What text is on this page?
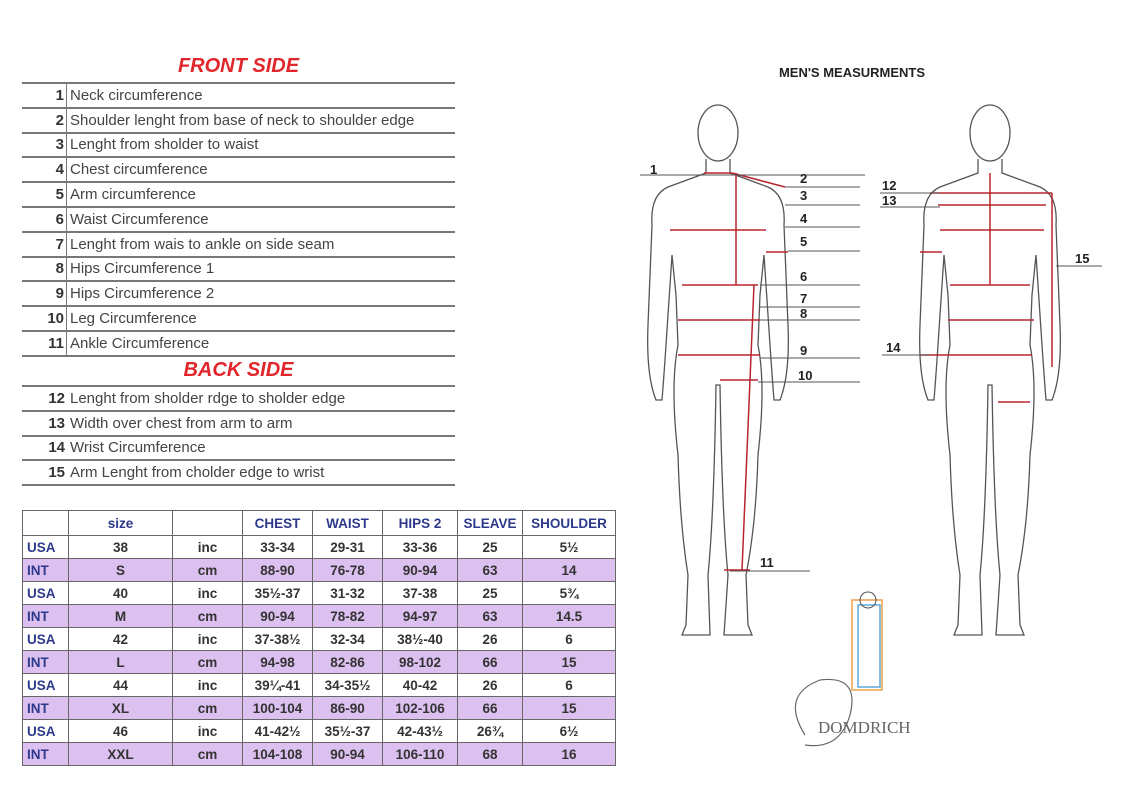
FRONT SIDE
1 Neck circumference
2 Shoulder lenght from base of neck to shoulder edge
3 Lenght from sholder to waist
4 Chest circumference
5 Arm circumference
6 Waist Circumference
7 Lenght from wais to ankle on side seam
8 Hips Circumference 1
9 Hips Circumference 2
10 Leg Circumference
11 Ankle Circumference
BACK SIDE
12 Lenght from sholder rdge to sholder edge
13 Width over chest from arm to arm
14 Wrist Circumference
15 Arm Lenght from cholder edge to wrist
	size		CHEST	WAIST	HIPS 2	SLEAVE	SHOULDER
USA	38	inc	33-34	29-31	33-36	25	5½
INT	S	cm	88-90	76-78	90-94	63	14
USA	40	inc	35½-37	31-32	37-38	25	5¾
INT	M	cm	90-94	78-82	94-97	63	14.5
USA	42	inc	37-38½	32-34	38½-40	26	6
INT	L	cm	94-98	82-86	98-102	66	15
USA	44	inc	39¼-41	34-35½	40-42	26	6
INT	XL	cm	100-104	86-90	102-106	66	15
USA	46	inc	41-42½	35½-37	42-43½	26¾	6½
INT	XXL	cm	104-108	90-94	106-110	68	16
MEN'S MEASURMENTS
1
2
3
4
5
6
7
8
9
10
11
12
13
14
15
DOMDRICH
